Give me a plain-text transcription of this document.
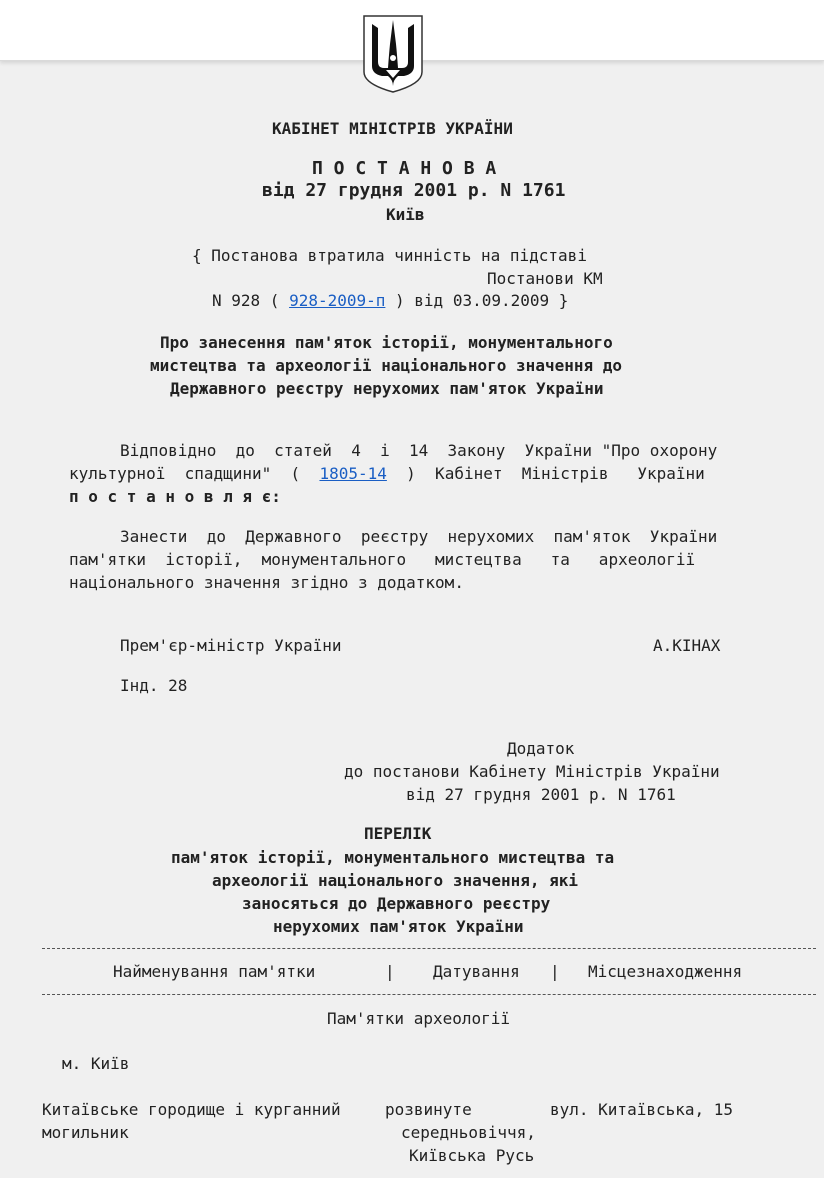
КАБІНЕТ МІНІСТРІВ УКРАЇНИ
П О С Т А Н О В А
від 27 грудня 2001 р. N 1761
Київ
{ Постанова втратила чинність на підставі
Постанови КМ
N 928 ( 928-2009-п ) від 03.09.2009 }
Про занесення пам'яток історії, монументального
мистецтва та археології національного значення до
Державного реєстру нерухомих пам'яток України
Відповідно  до  статей  4  і  14  Закону  України "Про охорону
культурної  спадщини"  (  1805-14  )  Кабінет  Міністрів   України
п о с т а н о в л я є:
Занести  до  Державного  реєстру  нерухомих  пам'яток  України
пам'ятки  історії,  монументального   мистецтва   та   археології
національного значення згідно з додатком.
Прем'єр-міністр України	А.КІНАХ
Інд. 28
Додаток
до постанови Кабінету Міністрів України
від 27 грудня 2001 р. N 1761
ПЕРЕЛІК
пам'яток історії, монументального мистецтва та
археології національного значення, які
заносяться до Державного реєстру
нерухомих пам'яток України
Найменування пам'ятки	| Датування | Місцезнаходження
Пам'ятки археології
м. Київ
Китаївське городище і курганний
могильник
розвинуте
середньовіччя,
Київська Русь
вул. Китаївська, 15
